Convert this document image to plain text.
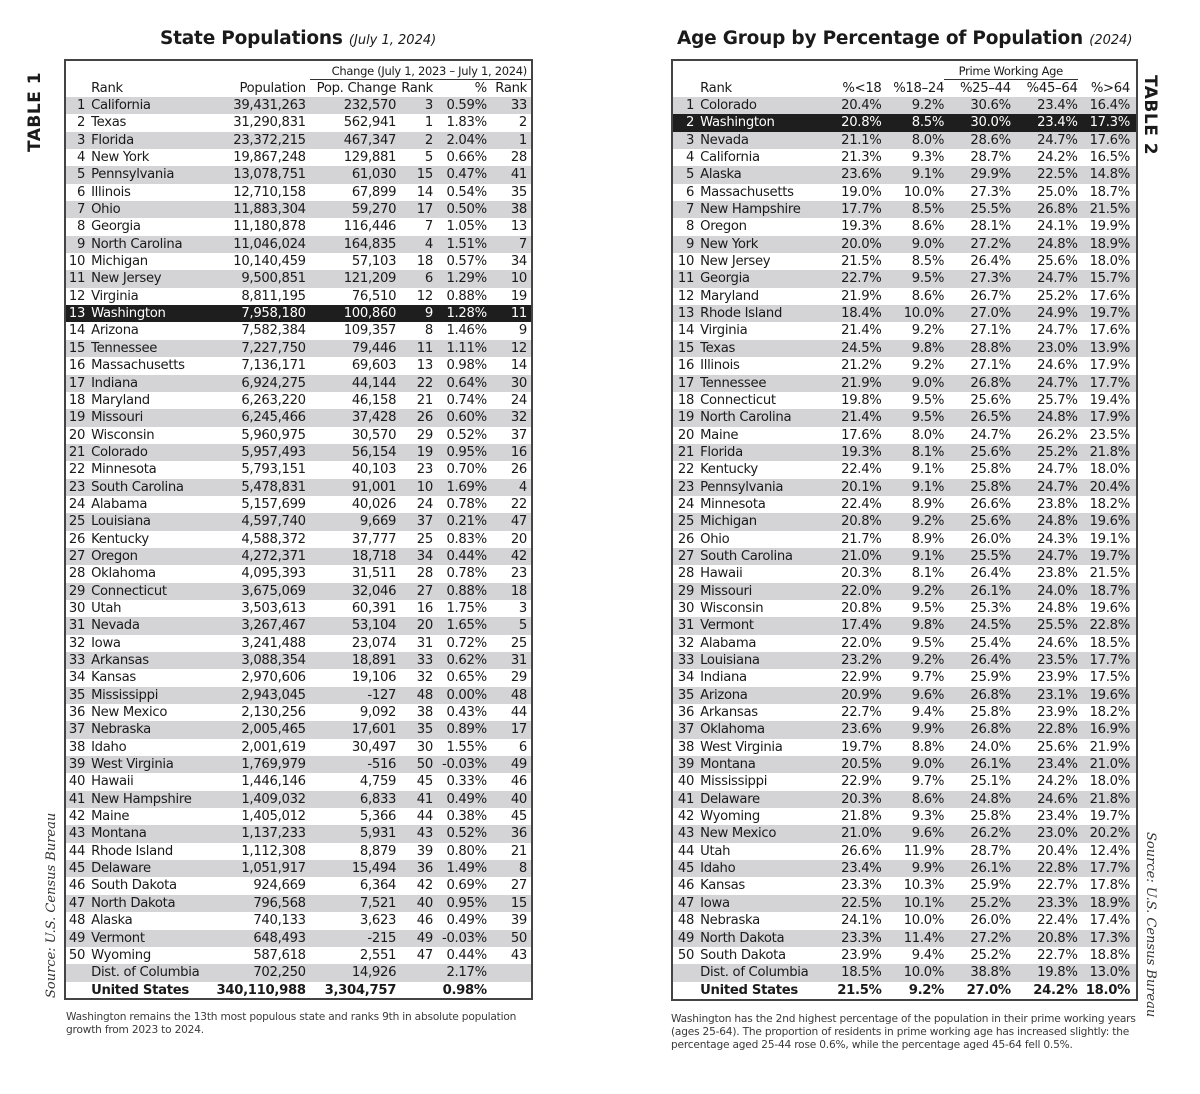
State Populations (July 1, 2024)
TABLE 1
Source: U.S. Census Bureau
			Change (July 1, 2023 – July 1, 2024)			
	Rank	Population	Pop. Change	Rank	%	Rank
1	California	39,431,263	232,570	3	0.59%	33
2	Texas	31,290,831	562,941	1	1.83%	2
3	Florida	23,372,215	467,347	2	2.04%	1
4	New York	19,867,248	129,881	5	0.66%	28
5	Pennsylvania	13,078,751	61,030	15	0.47%	41
6	Illinois	12,710,158	67,899	14	0.54%	35
7	Ohio	11,883,304	59,270	17	0.50%	38
8	Georgia	11,180,878	116,446	7	1.05%	13
9	North Carolina	11,046,024	164,835	4	1.51%	7
10	Michigan	10,140,459	57,103	18	0.57%	34
11	New Jersey	9,500,851	121,209	6	1.29%	10
12	Virginia	8,811,195	76,510	12	0.88%	19
13	Washington	7,958,180	100,860	9	1.28%	11
14	Arizona	7,582,384	109,357	8	1.46%	9
15	Tennessee	7,227,750	79,446	11	1.11%	12
16	Massachusetts	7,136,171	69,603	13	0.98%	14
17	Indiana	6,924,275	44,144	22	0.64%	30
18	Maryland	6,263,220	46,158	21	0.74%	24
19	Missouri	6,245,466	37,428	26	0.60%	32
20	Wisconsin	5,960,975	30,570	29	0.52%	37
21	Colorado	5,957,493	56,154	19	0.95%	16
22	Minnesota	5,793,151	40,103	23	0.70%	26
23	South Carolina	5,478,831	91,001	10	1.69%	4
24	Alabama	5,157,699	40,026	24	0.78%	22
25	Louisiana	4,597,740	9,669	37	0.21%	47
26	Kentucky	4,588,372	37,777	25	0.83%	20
27	Oregon	4,272,371	18,718	34	0.44%	42
28	Oklahoma	4,095,393	31,511	28	0.78%	23
29	Connecticut	3,675,069	32,046	27	0.88%	18
30	Utah	3,503,613	60,391	16	1.75%	3
31	Nevada	3,267,467	53,104	20	1.65%	5
32	Iowa	3,241,488	23,074	31	0.72%	25
33	Arkansas	3,088,354	18,891	33	0.62%	31
34	Kansas	2,970,606	19,106	32	0.65%	29
35	Mississippi	2,943,045	-127	48	0.00%	48
36	New Mexico	2,130,256	9,092	38	0.43%	44
37	Nebraska	2,005,465	17,601	35	0.89%	17
38	Idaho	2,001,619	30,497	30	1.55%	6
39	West Virginia	1,769,979	-516	50	-0.03%	49
40	Hawaii	1,446,146	4,759	45	0.33%	46
41	New Hampshire	1,409,032	6,833	41	0.49%	40
42	Maine	1,405,012	5,366	44	0.38%	45
43	Montana	1,137,233	5,931	43	0.52%	36
44	Rhode Island	1,112,308	8,879	39	0.80%	21
45	Delaware	1,051,917	15,494	36	1.49%	8
46	South Dakota	924,669	6,364	42	0.69%	27
47	North Dakota	796,568	7,521	40	0.95%	15
48	Alaska	740,133	3,623	46	0.49%	39
49	Vermont	648,493	-215	49	-0.03%	50
50	Wyoming	587,618	2,551	47	0.44%	43
	Dist. of Columbia	702,250	14,926		2.17%	
	United States	340,110,988	3,304,757		0.98%	
Washington remains the 13th most populous state and ranks 9th in absolute population growth from 2023 to 2024.
Age Group by Percentage of Population (2024)
TABLE 2
Source: U.S. Census Bureau
				Prime Working Age		
	Rank	%<18	%18–24	%25–44	%45–64	%>64
1	Colorado	20.4%	9.2%	30.6%	23.4%	16.4%
2	Washington	20.8%	8.5%	30.0%	23.4%	17.3%
3	Nevada	21.1%	8.0%	28.6%	24.7%	17.6%
4	California	21.3%	9.3%	28.7%	24.2%	16.5%
5	Alaska	23.6%	9.1%	29.9%	22.5%	14.8%
6	Massachusetts	19.0%	10.0%	27.3%	25.0%	18.7%
7	New Hampshire	17.7%	8.5%	25.5%	26.8%	21.5%
8	Oregon	19.3%	8.6%	28.1%	24.1%	19.9%
9	New York	20.0%	9.0%	27.2%	24.8%	18.9%
10	New Jersey	21.5%	8.5%	26.4%	25.6%	18.0%
11	Georgia	22.7%	9.5%	27.3%	24.7%	15.7%
12	Maryland	21.9%	8.6%	26.7%	25.2%	17.6%
13	Rhode Island	18.4%	10.0%	27.0%	24.9%	19.7%
14	Virginia	21.4%	9.2%	27.1%	24.7%	17.6%
15	Texas	24.5%	9.8%	28.8%	23.0%	13.9%
16	Illinois	21.2%	9.2%	27.1%	24.6%	17.9%
17	Tennessee	21.9%	9.0%	26.8%	24.7%	17.7%
18	Connecticut	19.8%	9.5%	25.6%	25.7%	19.4%
19	North Carolina	21.4%	9.5%	26.5%	24.8%	17.9%
20	Maine	17.6%	8.0%	24.7%	26.2%	23.5%
21	Florida	19.3%	8.1%	25.6%	25.2%	21.8%
22	Kentucky	22.4%	9.1%	25.8%	24.7%	18.0%
23	Pennsylvania	20.1%	9.1%	25.8%	24.7%	20.4%
24	Minnesota	22.4%	8.9%	26.6%	23.8%	18.2%
25	Michigan	20.8%	9.2%	25.6%	24.8%	19.6%
26	Ohio	21.7%	8.9%	26.0%	24.3%	19.1%
27	South Carolina	21.0%	9.1%	25.5%	24.7%	19.7%
28	Hawaii	20.3%	8.1%	26.4%	23.8%	21.5%
29	Missouri	22.0%	9.2%	26.1%	24.0%	18.7%
30	Wisconsin	20.8%	9.5%	25.3%	24.8%	19.6%
31	Vermont	17.4%	9.8%	24.5%	25.5%	22.8%
32	Alabama	22.0%	9.5%	25.4%	24.6%	18.5%
33	Louisiana	23.2%	9.2%	26.4%	23.5%	17.7%
34	Indiana	22.9%	9.7%	25.9%	23.9%	17.5%
35	Arizona	20.9%	9.6%	26.8%	23.1%	19.6%
36	Arkansas	22.7%	9.4%	25.8%	23.9%	18.2%
37	Oklahoma	23.6%	9.9%	26.8%	22.8%	16.9%
38	West Virginia	19.7%	8.8%	24.0%	25.6%	21.9%
39	Montana	20.5%	9.0%	26.1%	23.4%	21.0%
40	Mississippi	22.9%	9.7%	25.1%	24.2%	18.0%
41	Delaware	20.3%	8.6%	24.8%	24.6%	21.8%
42	Wyoming	21.8%	9.3%	25.8%	23.4%	19.7%
43	New Mexico	21.0%	9.6%	26.2%	23.0%	20.2%
44	Utah	26.6%	11.9%	28.7%	20.4%	12.4%
45	Idaho	23.4%	9.9%	26.1%	22.8%	17.7%
46	Kansas	23.3%	10.3%	25.9%	22.7%	17.8%
47	Iowa	22.5%	10.1%	25.2%	23.3%	18.9%
48	Nebraska	24.1%	10.0%	26.0%	22.4%	17.4%
49	North Dakota	23.3%	11.4%	27.2%	20.8%	17.3%
50	South Dakota	23.9%	9.4%	25.2%	22.7%	18.8%
	Dist. of Columbia	18.5%	10.0%	38.8%	19.8%	13.0%
	United States	21.5%	9.2%	27.0%	24.2%	18.0%
Washington has the 2nd highest percentage of the population in their prime working years (ages 25-64). The proportion of residents in prime working age has increased slightly: the percentage aged 25-44 rose 0.6%, while the percentage aged 45-64 fell 0.5%.
